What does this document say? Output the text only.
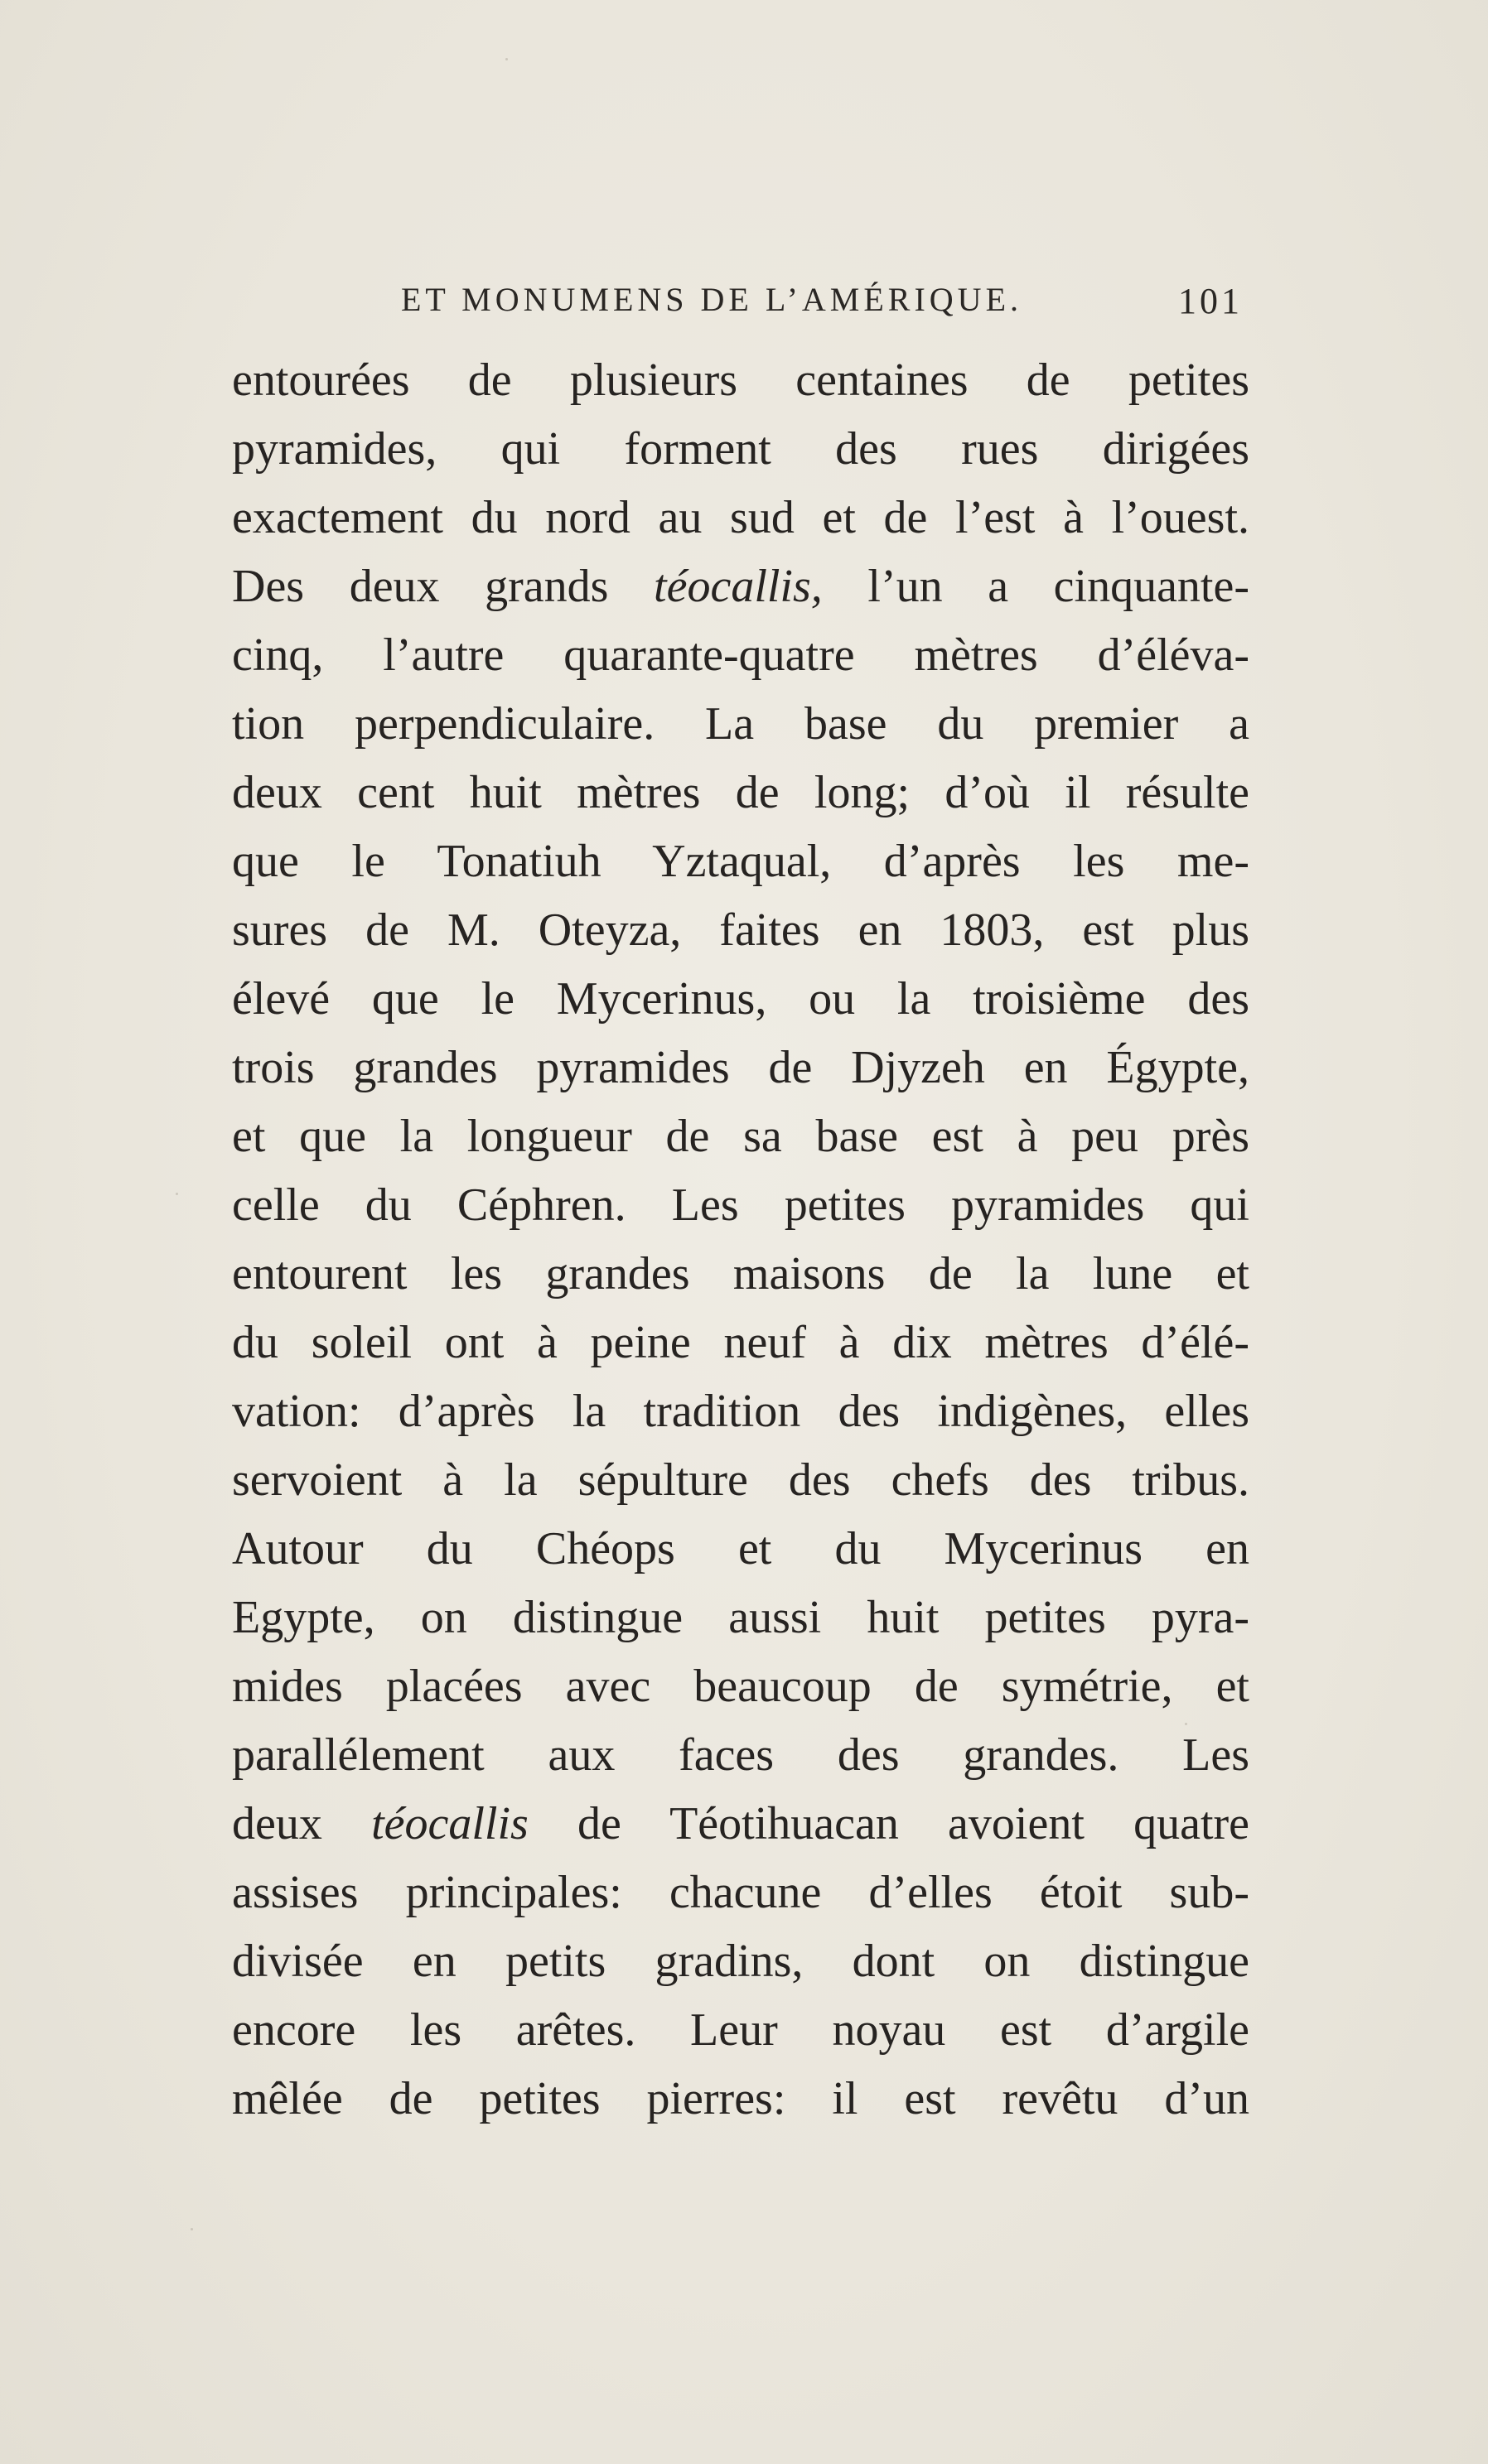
ET MONUMENS DE L’AMÉRIQUE.	101
entourées de plusieurs centaines de petites
pyramides, qui forment des rues dirigées
exactement du nord au sud et de l’est à l’ouest.
Des deux grands téocallis, l’un a cinquante-
cinq, l’autre quarante-quatre mètres d’éléva-
tion perpendiculaire. La base du premier a
deux cent huit mètres de long; d’où il résulte
que le Tonatiuh Yztaqual, d’après les me-
sures de M. Oteyza, faites en 1803, est plus
élevé que le Mycerinus, ou la troisième des
trois grandes pyramides de Djyzeh en Égypte,
et que la longueur de sa base est à peu près
celle du Céphren. Les petites pyramides qui
entourent les grandes maisons de la lune et
du soleil ont à peine neuf à dix mètres d’élé-
vation: d’après la tradition des indigènes, elles
servoient à la sépulture des chefs des tribus.
Autour du Chéops et du Mycerinus en
Egypte, on distingue aussi huit petites pyra-
mides placées avec beaucoup de symétrie, et
parallélement aux faces des grandes. Les
deux téocallis de Téotihuacan avoient quatre
assises principales: chacune d’elles étoit sub-
divisée en petits gradins, dont on distingue
encore les arêtes. Leur noyau est d’argile
mêlée de petites pierres: il est revêtu d’un
